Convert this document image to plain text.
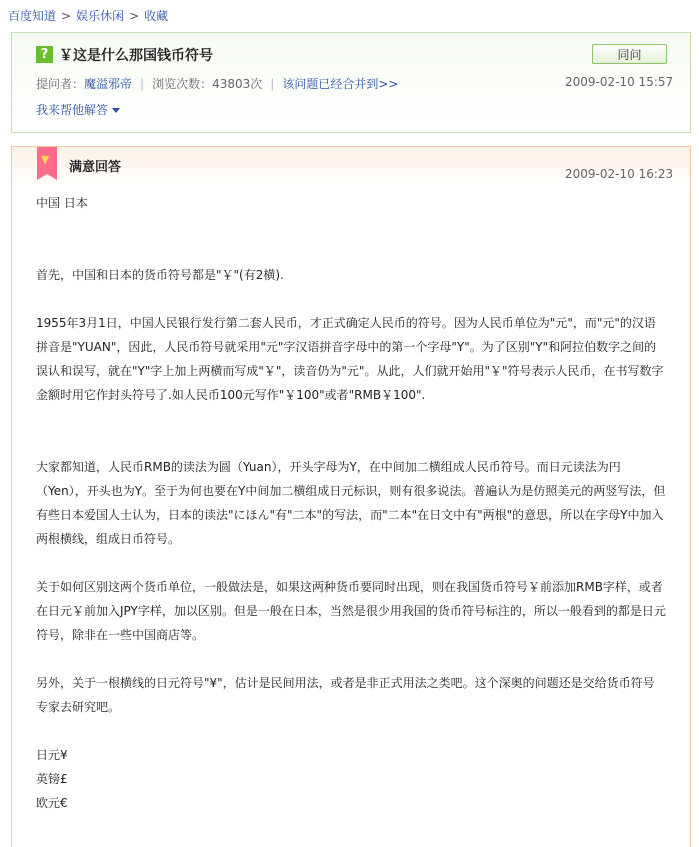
百度知道 > 娱乐休闲 > 收藏
? ￥这是什么那国钱币符号	同问
提问者：魔溢邪帝 | 浏览次数：43803次 | 该问题已经合并到>>	2009-02-10 15:57
我来帮他解答
▼
满意回答	2009-02-10 16:23

中国 日本

首先，中国和日本的货币符号都是"￥"(有2横).

1955年3月1日，中国人民银行发行第二套人民币，才正式确定人民币的符号。因为人民币单位为"元"，而"元"的汉语拼音是"YUAN"，因此，人民币符号就采用"元"字汉语拼音字母中的第一个字母"Y"。为了区别"Y"和阿拉伯数字之间的误认和误写，就在"Y"字上加上两横而写成"￥"，读音仍为"元"。从此，人们就开始用"￥"符号表示人民币，在书写数字金额时用它作封头符号了.如人民币100元写作"￥100"或者"RMB￥100".

大家都知道，人民币RMB的读法为圆（Yuan），开头字母为Y，在中间加二横组成人民币符号。而日元读法为円（Yen），开头也为Y。至于为何也要在Y中间加二横组成日元标识，则有很多说法。普遍认为是仿照美元的两竖写法，但有些日本爱国人士认为，日本的读法"にほん"有"二本"的写法，而"二本"在日文中有"两根"的意思，所以在字母Y中加入两根横线，组成日币符号。

关于如何区别这两个货币单位，一般做法是，如果这两种货币要同时出现，则在我国货币符号￥前添加RMB字样，或者在日元￥前加入JPY字样，加以区别。但是一般在日本，当然是很少用我国的货币符号标注的，所以一般看到的都是日元符号，除非在一些中国商店等。

另外，关于一根横线的日元符号"¥"，估计是民间用法，或者是非正式用法之类吧。这个深奥的问题还是交给货币符号专家去研究吧。

日元¥

英镑£

欧元€
